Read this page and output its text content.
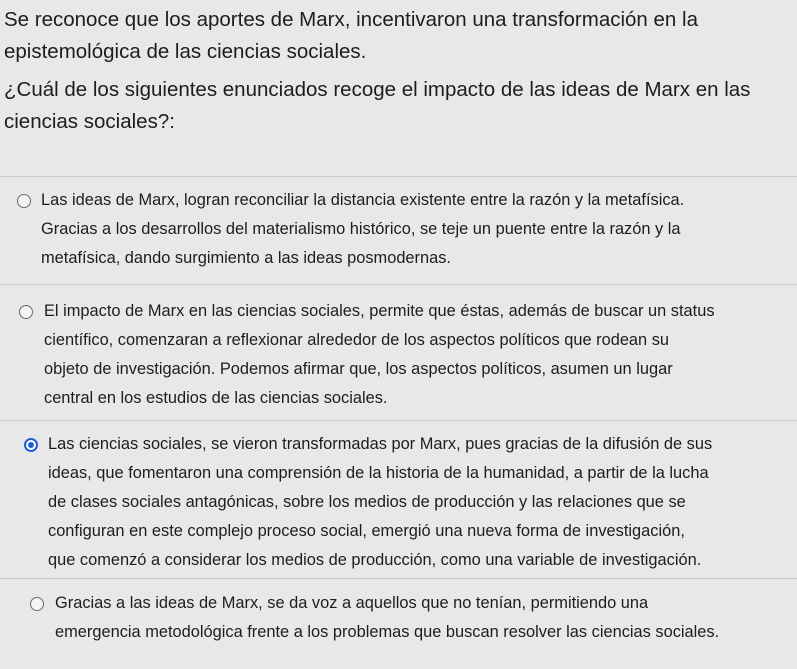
Se reconoce que los aportes de Marx, incentivaron una transformación en la
epistemológica de las ciencias sociales.
¿Cuál de los siguientes enunciados recoge el impacto de las ideas de Marx en las
ciencias sociales?:
Las ideas de Marx, logran reconciliar la distancia existente entre la razón y la metafísica.
Gracias a los desarrollos del materialismo histórico, se teje un puente entre la razón y la
metafísica, dando surgimiento a las ideas posmodernas.
El impacto de Marx en las ciencias sociales, permite que éstas, además de buscar un status
científico, comenzaran a reflexionar alrededor de los aspectos políticos que rodean su
objeto de investigación. Podemos afirmar que, los aspectos políticos, asumen un lugar
central en los estudios de las ciencias sociales.
Las ciencias sociales, se vieron transformadas por Marx, pues gracias de la difusión de sus
ideas, que fomentaron una comprensión de la historia de la humanidad, a partir de la lucha
de clases sociales antagónicas, sobre los medios de producción y las relaciones que se
configuran en este complejo proceso social, emergió una nueva forma de investigación,
que comenzó a considerar los medios de producción, como una variable de investigación.
Gracias a las ideas de Marx, se da voz a aquellos que no tenían, permitiendo una
emergencia metodológica frente a los problemas que buscan resolver las ciencias sociales.
